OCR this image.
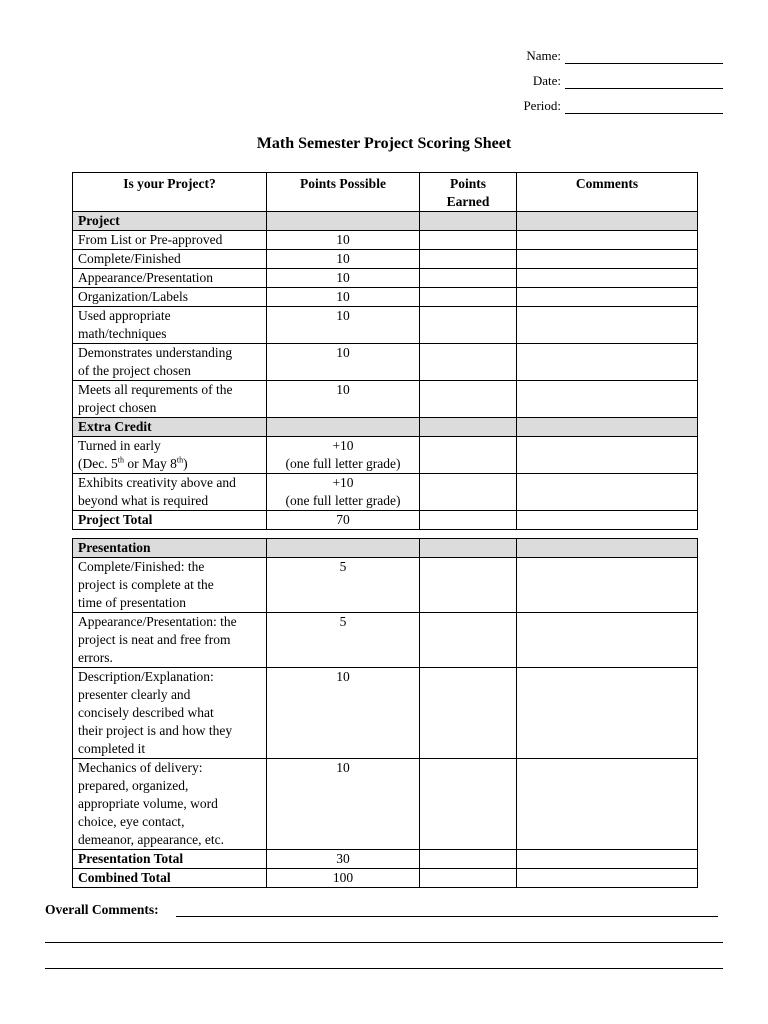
Name:
Date:
Period:
Math Semester Project Scoring Sheet
Is your Project?	Points Possible	Points
Earned	Comments
Project			
From List or Pre-approved	10		
Complete/Finished	10		
Appearance/Presentation	10		
Organization/Labels	10		
Used appropriate
math/techniques	10		
Demonstrates understanding
of the project chosen	10		
Meets all requrements of the
project chosen	10		
Extra Credit			
Turned in early
(Dec. 5th or May 8th)	+10
(one full letter grade)		
Exhibits creativity above and
beyond what is required	+10
(one full letter grade)		
Project Total	70		
Presentation			
Complete/Finished: the
project is complete at the
time of presentation	5		
Appearance/Presentation: the
project is neat and free from
errors.	5		
Description/Explanation:
presenter clearly and
concisely described what
their project is and how they
completed it	10		
Mechanics of delivery:
prepared, organized,
appropriate volume, word
choice, eye contact,
demeanor, appearance, etc.	10		
Presentation Total	30		
Combined Total	100		
Overall Comments:
